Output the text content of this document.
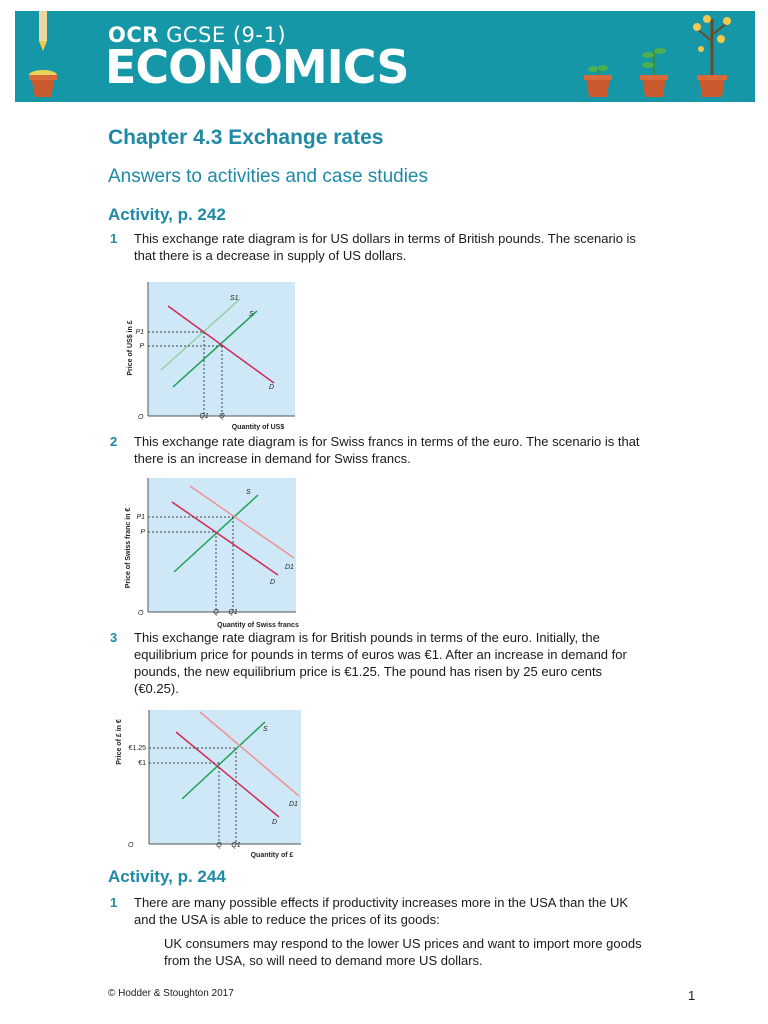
OCR GCSE (9-1)
ECONOMICS
Chapter 4.3 Exchange rates
Answers to activities and case studies
Activity, p. 242
1 This exchange rate diagram is for US dollars in terms of British pounds. The scenario is
that there is a decrease in supply of US dollars.
Price of US$ in £
Quantity of US$
O
P1
P
Q1 Q
S1
S
D
2 This exchange rate diagram is for Swiss francs in terms of the euro. The scenario is that
there is an increase in demand for Swiss francs.
Price of Swiss franc in €
Quantity of Swiss francs
O
P1
P
Q Q1
S
D1
D
3 This exchange rate diagram is for British pounds in terms of the euro. Initially, the
equilibrium price for pounds in terms of euros was €1. After an increase in demand for
pounds, the new equilibrium price is €1.25. The pound has risen by 25 euro cents
(€0.25).
Price of £ in €
Quantity of £
O
€1.25
€1
Q Q1
S
D1
D
Activity, p. 244
1 There are many possible effects if productivity increases more in the USA than the UK
and the USA is able to reduce the prices of its goods:
UK consumers may respond to the lower US prices and want to import more goods
from the USA, so will need to demand more US dollars.
© Hodder & Stoughton 2017	1
